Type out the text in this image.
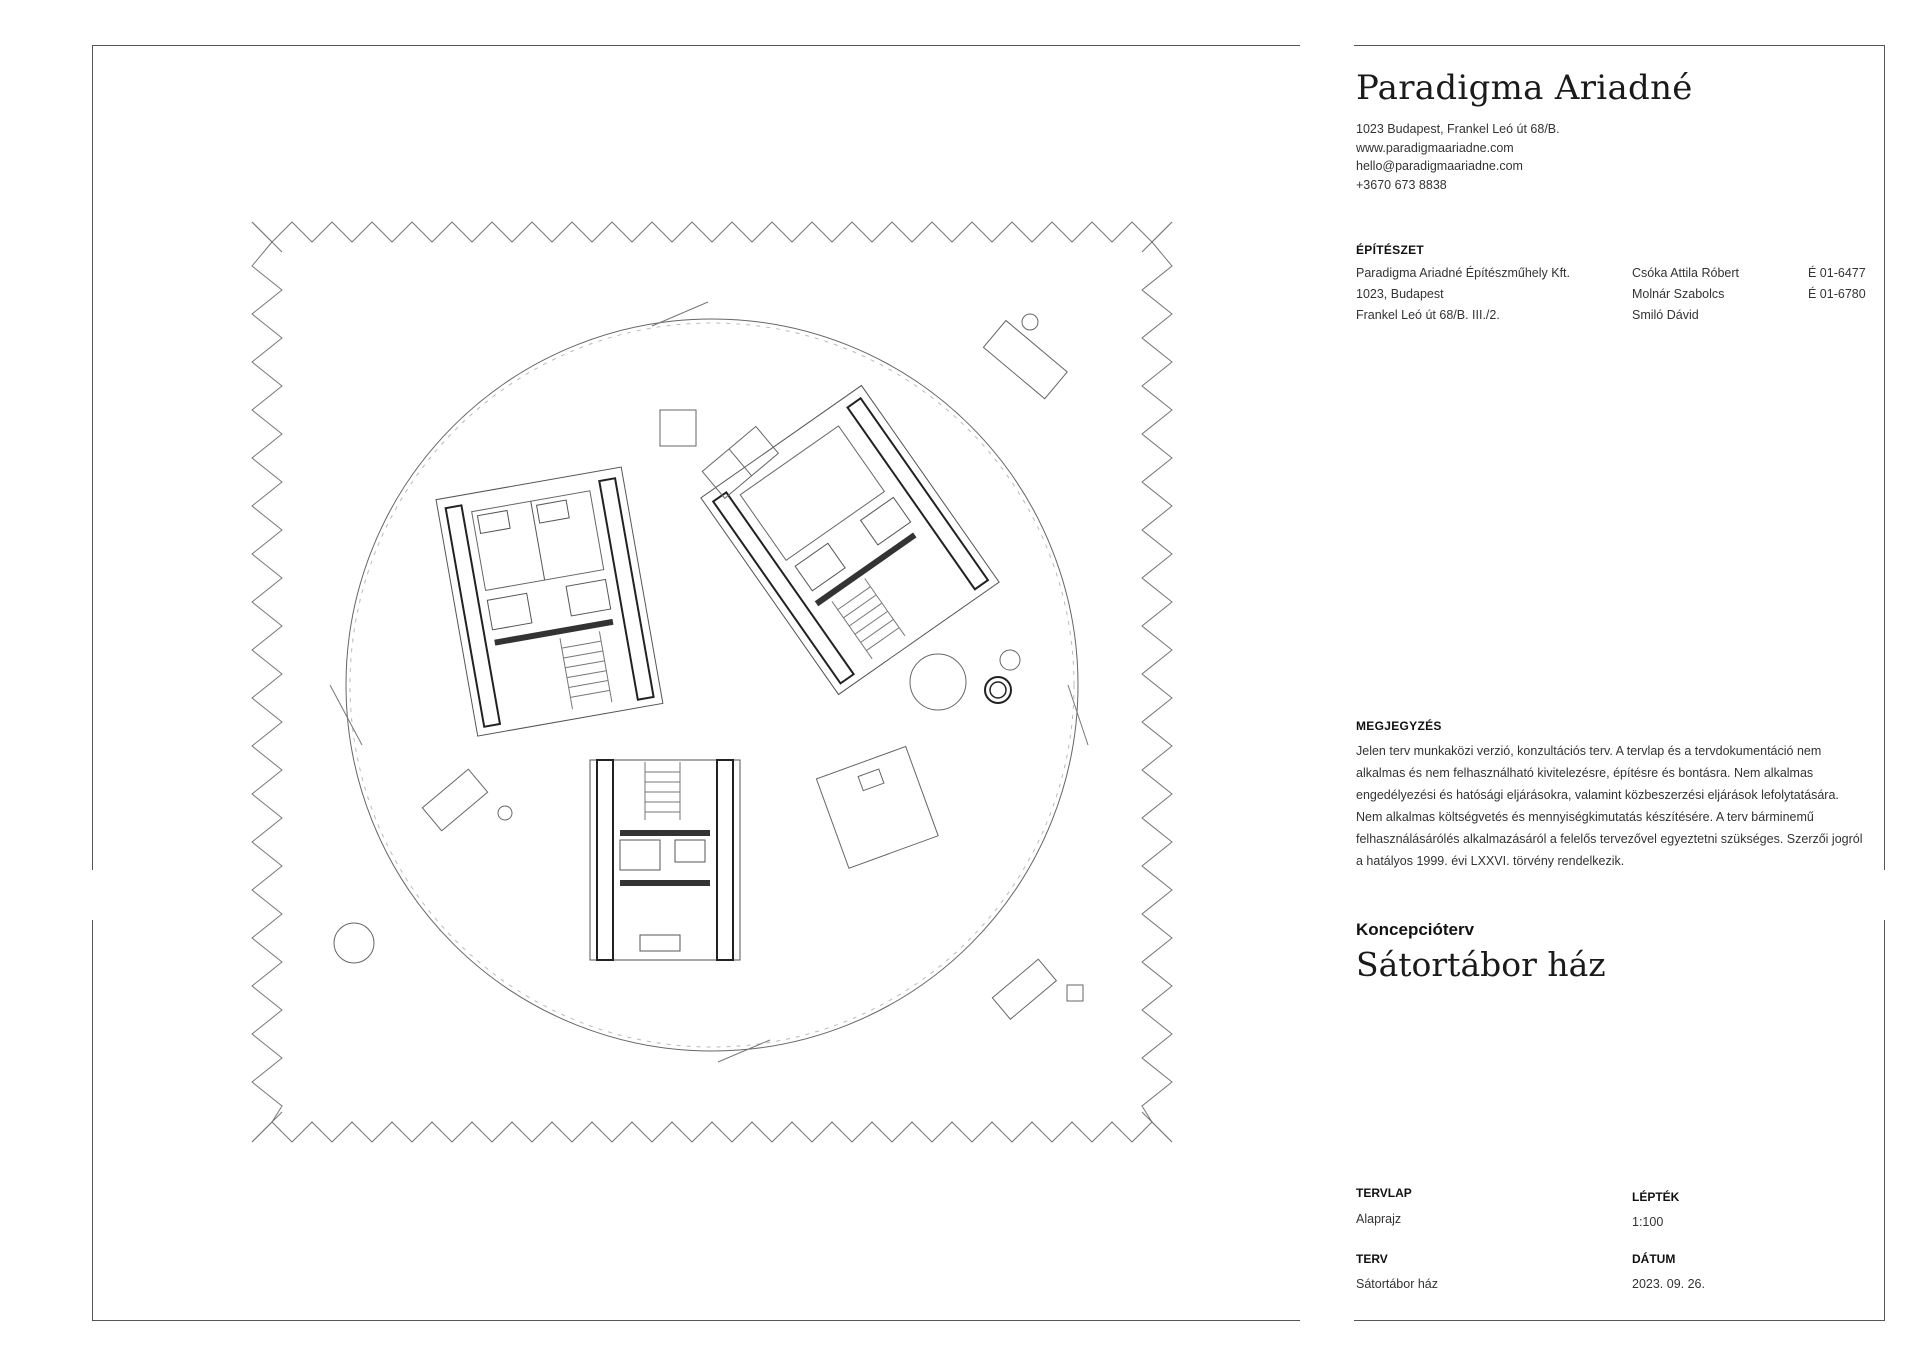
Paradigma Ariadné
1023 Budapest, Frankel Leó út 68/B.
www.paradigmaariadne.com
hello@paradigmaariadne.com
+3670 673 8838
ÉPÍTÉSZET
Paradigma Ariadné Építészműhely Kft.
1023, Budapest
Frankel Leó út 68/B. III./2.
Csóka Attila Róbert
Molnár Szabolcs
Smiló Dávid
É 01-6477
É 01-6780
MEGJEGYZÉS
Jelen terv munkaközi verzió, konzultációs terv. A tervlap és a tervdokumentáció nem alkalmas és nem felhasználható kivitelezésre, építésre és bontásra. Nem alkalmas engedélyezési és hatósági eljárásokra, valamint közbeszerzési eljárások lefolytatására. Nem alkalmas költségvetés és mennyiségkimutatás készítésére. A terv bárminemű felhasználásárólés alkalmazásáról a felelős tervezővel egyeztetni szükséges. Szerzői jogról a hatályos 1999. évi LXXVI. törvény rendelkezik.
Koncepcióterv
Sátortábor ház
TERVLAP
Alaprajz
LÉPTÉK
1:100
TERV
Sátortábor ház
DÁTUM
2023. 09. 26.
